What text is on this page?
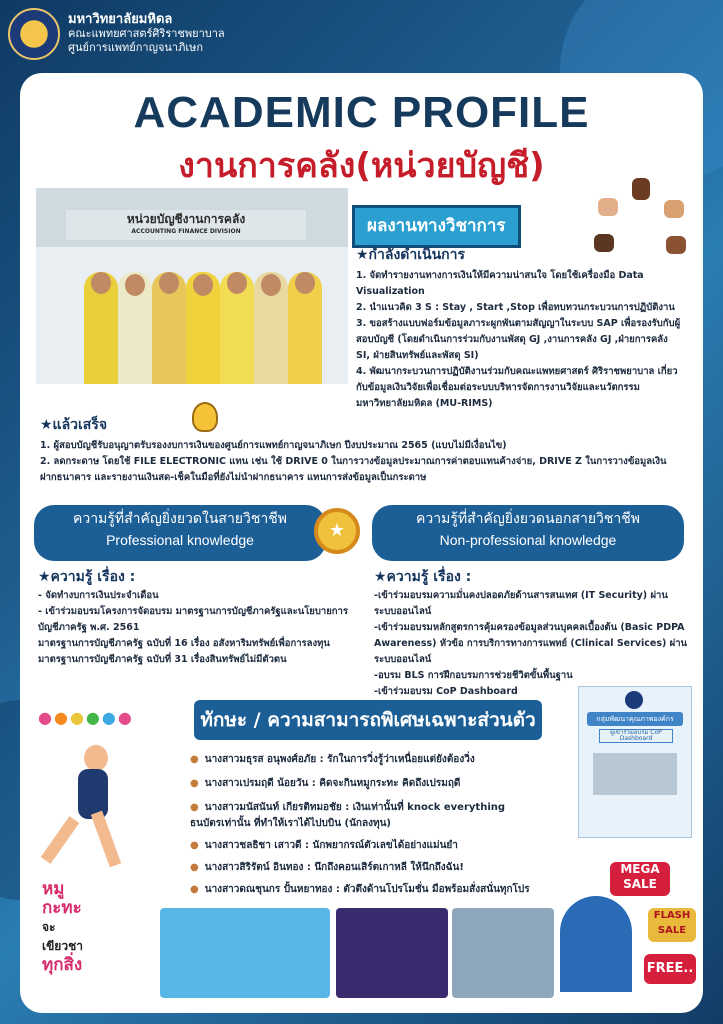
มหาวิทยาลัยมหิดล
คณะแพทยศาสตร์ศิริราชพยาบาล
ศูนย์การแพทย์กาญจนาภิเษก
ACADEMIC PROFILE
งานการคลัง(หน่วยบัญชี)
หน่วยบัญชีงานการคลัง
ACCOUNTING FINANCE DIVISION	ผลงานทางวิชาการ
★กำลังดำเนินการ

1. จัดทำรายงานทางการเงินให้มีความน่าสนใจ โดยใช้เครื่องมือ Data Visualization

2. นำแนวคิด 3 S : Stay , Start ,Stop เพื่อทบทวนกระบวนการปฏิบัติงาน

3. ขอสร้างแบบฟอร์มข้อมูลภาระผูกพันตามสัญญาในระบบ SAP เพื่อรองรับกับผู้สอบบัญชี (โดยดำเนินการร่วมกับงานพัสดุ GJ ,งานการคลัง GJ ,ฝ่ายการคลัง SI, ฝ่ายสินทรัพย์และพัสดุ SI)

4. พัฒนากระบวนการปฏิบัติงานร่วมกับคณะแพทยศาสตร์ ศิริราชพยาบาล เกี่ยวกับข้อมูลเงินวิจัยเพื่อเชื่อมต่อระบบบริหารจัดการงานวิจัยและนวัตกรรม มหาวิทยาลัยมหิดล (MU-RIMS)

★แล้วเสร็จ

1. ผู้สอบบัญชีรับอนุญาตรับรองงบการเงินของศูนย์การแพทย์กาญจนาภิเษก ปีงบประมาณ 2565 (แบบไม่มีเงื่อนไข)

2. ลดกระดาษ โดยใช้ FILE ELECTRONIC แทน เช่น ใช้ DRIVE 0 ในการวางข้อมูลประมาณการค่าตอบแทนค้างจ่าย, DRIVE Z ในการวางข้อมูลเงินฝากธนาคาร และรายงานเงินสด-เช็คในมือที่ยังไม่นำฝากธนาคาร แทนการส่งข้อมูลเป็นกระดาษ

ความรู้ที่สำคัญยิ่งยวดในสายวิชาชีพ
Professional knowledge	★
ความรู้ที่สำคัญยิ่งยวดนอกสายวิชาชีพ
Non-professional knowledge
★ความรู้ เรื่อง :

- จัดทำงบการเงินประจำเดือน

- เข้าร่วมอบรมโครงการจัดอบรม มาตรฐานการบัญชีภาครัฐและนโยบายการบัญชีภาครัฐ พ.ศ. 2561

มาตรฐานการบัญชีภาครัฐ ฉบับที่ 16 เรื่อง อสังหาริมทรัพย์เพื่อการลงทุน

มาตรฐานการบัญชีภาครัฐ ฉบับที่ 31 เรื่องสินทรัพย์ไม่มีตัวตน

★ความรู้ เรื่อง :

-เข้าร่วมอบรมความมั่นคงปลอดภัยด้านสารสนเทศ (IT Security) ผ่านระบบออนไลน์

-เข้าร่วมอบรมหลักสูตรการคุ้มครองข้อมูลส่วนบุคคลเบื้องต้น (Basic PDPA Awareness) หัวข้อ การบริการทางการแพทย์ (Clinical Services) ผ่านระบบออนไลน์

-อบรม BLS การฝึกอบรมการช่วยชีวิตขั้นพื้นฐาน

-เข้าร่วมอบรม CoP Dashboard

●●●●●●	ทักษะ / ความสามารถพิเศษเฉพาะส่วนตัว
● นางสาวมธุรส อนุพงศ์อภัย : รักในการวิ่งรู้ว่าเหนื่อยแต่ยังต้องวิ่ง
● นางสาวเปรมฤดี น้อยวัน : คิดจะกินหมูกระทะ คิดถึงเปรมฤดี
● นางสาวมนัสนันท์ เกียรติทมอชัย : เงินเท่านั้นที่ knock everything ธนบัตรเท่านั้น ที่ทำให้เราได้ไปบบิน (นักลงทุน)
● นางสาวชลธิชา เสาวดี : นักพยากรณ์ตัวเลขได้อย่างแม่นยำ
● นางสาวสิริรัตน์ อินทอง : นึกถึงคอนเสิร์ตเกาหลี ให้นึกถึงฉัน!
● นางสาวดณชุนกร ปั้นหยาทอง : ตัวตึงด้านโปรโมชั่น มือพร้อมสั่งสนั่นทุกโปร
กลุ่มพัฒนาคุณภาพองค์กร
ผู้เข้าร่วมอบรม CoP Dashboard
หมู
กะทะ
จะ
เขียวชา
ทุกสิ่ง
MEGA
SALE
FLASH SALE
FREE..
